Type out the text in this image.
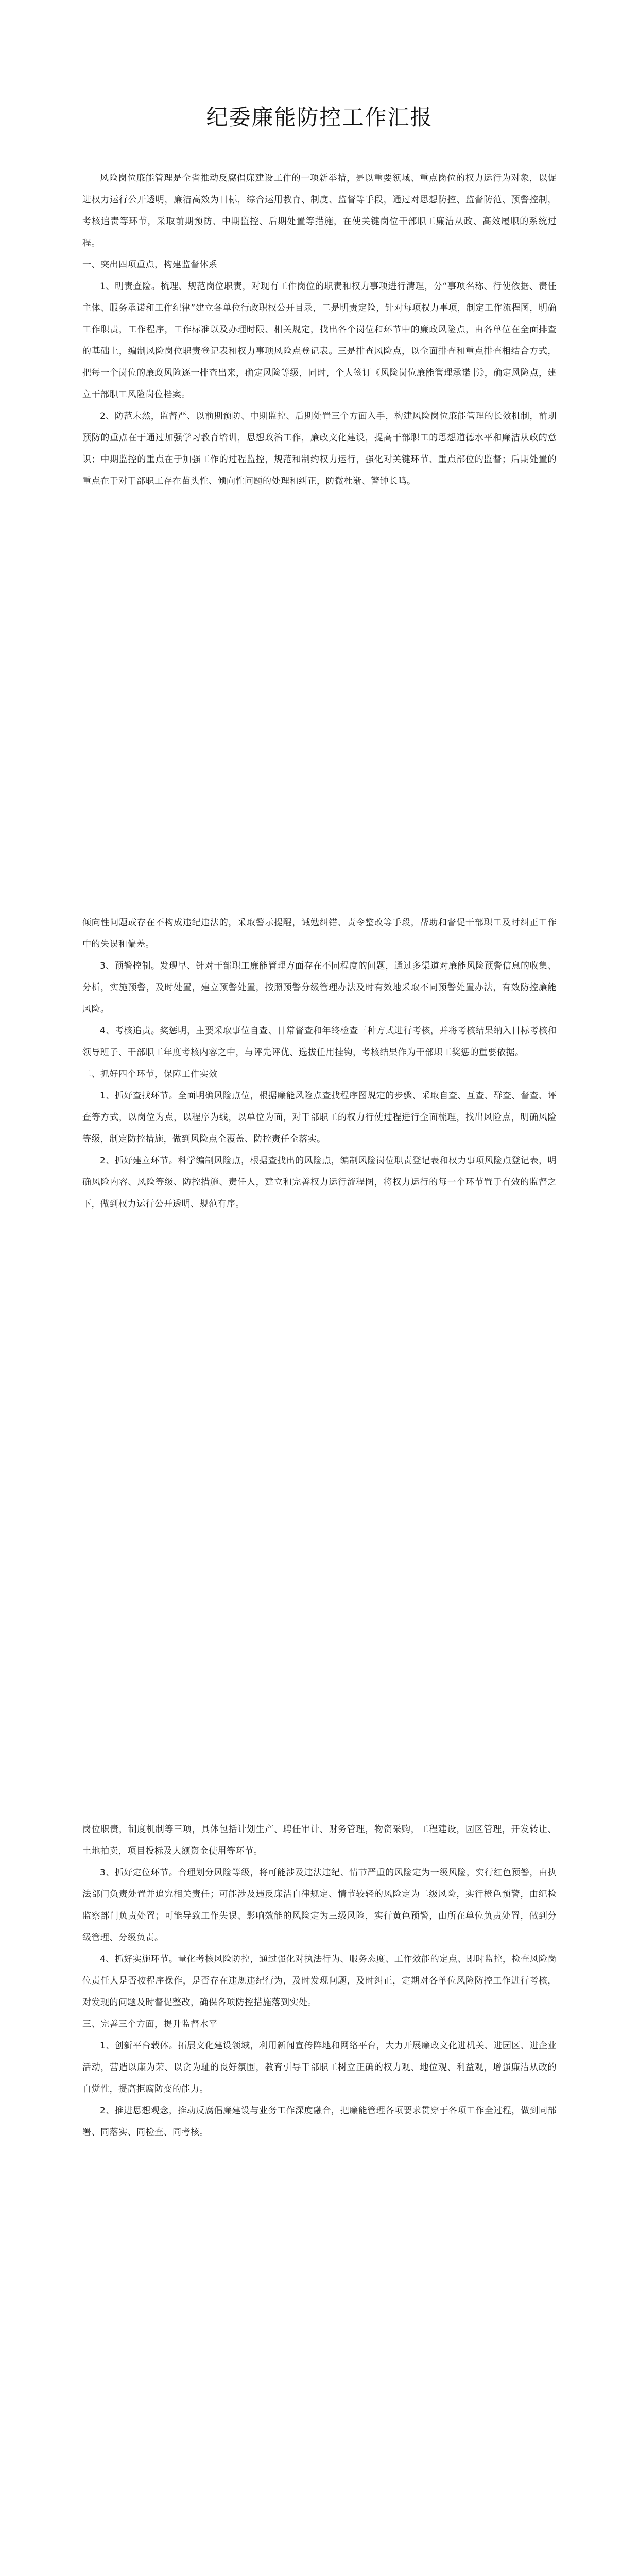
纪委廉能防控工作汇报

风险岗位廉能管理是全省推动反腐倡廉建设工作的一项新举措，是以重要领域、重点岗位的权力运行为对象，以促进权力运行公开透明，廉洁高效为目标，综合运用教育、制度、监督等手段，通过对思想防控、监督防范、预警控制，考核追责等环节，采取前期预防、中期监控、后期处置等措施，在使关键岗位干部职工廉洁从政、高效履职的系统过程。

一、突出四项重点，构建监督体系

1、明责查险。梳理、规范岗位职责，对现有工作岗位的职责和权力事项进行清理，分“事项名称、行使依据、责任主体、服务承诺和工作纪律”建立各单位行政职权公开目录，二是明责定险，针对每项权力事项，制定工作流程图，明确工作职责，工作程序，工作标准以及办理时限、相关规定，找出各个岗位和环节中的廉政风险点，由各单位在全面排查的基础上，编制风险岗位职责登记表和权力事项风险点登记表。三是排查风险点，以全面排查和重点排查相结合方式，把每一个岗位的廉政风险逐一排查出来，确定风险等级，同时，个人签订《风险岗位廉能管理承诺书》，确定风险点，建立干部职工风险岗位档案。

2、防范未然，监督严、以前期预防、中期监控、后期处置三个方面入手，构建风险岗位廉能管理的长效机制，前期预防的重点在于通过加强学习教育培训，思想政治工作，廉政文化建设，提高干部职工的思想道德水平和廉洁从政的意识；中期监控的重点在于加强工作的过程监控，规范和制约权力运行，强化对关键环节、重点部位的监督；后期处置的重点在于对干部职工存在苗头性、倾向性问题的处理和纠正，防微杜渐、警钟长鸣。

倾向性问题或存在不构成违纪违法的，采取警示提醒，诫勉纠错、责令整改等手段，帮助和督促干部职工及时纠正工作中的失误和偏差。

3、预警控制。发现早、针对干部职工廉能管理方面存在不同程度的问题，通过多渠道对廉能风险预警信息的收集、分析，实施预警，及时处置，建立预警处置，按照预警分级管理办法及时有效地采取不同预警处置办法，有效防控廉能风险。

4、考核追责。奖惩明，主要采取事位自查、日常督查和年终检查三种方式进行考核，并将考核结果纳入目标考核和领导班子、干部职工年度考核内容之中，与评先评优、选拔任用挂钩，考核结果作为干部职工奖惩的重要依据。

二、抓好四个环节，保障工作实效

1、抓好查找环节。全面明确风险点位，根据廉能风险点查找程序图规定的步骤、采取自查、互查、群查、督查、评查等方式，以岗位为点，以程序为线，以单位为面，对干部职工的权力行使过程进行全面梳理，找出风险点，明确风险等级，制定防控措施，做到风险点全覆盖、防控责任全落实。

2、抓好建立环节。科学编制风险点，根据查找出的风险点，编制风险岗位职责登记表和权力事项风险点登记表，明确风险内容、风险等级、防控措施、责任人，建立和完善权力运行流程图，将权力运行的每一个环节置于有效的监督之下，做到权力运行公开透明、规范有序。

岗位职责，制度机制等三项，具体包括计划生产、聘任审计、财务管理，物资采购，工程建设，园区管理，开发转让、土地拍卖，项目投标及大额资金使用等环节。

3、抓好定位环节。合理划分风险等级，将可能涉及违法违纪、情节严重的风险定为一级风险，实行红色预警，由执法部门负责处置并追究相关责任；可能涉及违反廉洁自律规定、情节较轻的风险定为二级风险，实行橙色预警，由纪检监察部门负责处置；可能导致工作失误、影响效能的风险定为三级风险，实行黄色预警，由所在单位负责处置，做到分级管理、分级负责。

4、抓好实施环节。量化考核风险防控，通过强化对执法行为、服务态度、工作效能的定点、即时监控，检查风险岗位责任人是否按程序操作，是否存在违规违纪行为，及时发现问题，及时纠正，定期对各单位风险防控工作进行考核，对发现的问题及时督促整改，确保各项防控措施落到实处。

三、完善三个方面，提升监督水平

1、创新平台载体。拓展文化建设领域，利用新闻宣传阵地和网络平台，大力开展廉政文化进机关、进园区、进企业活动，营造以廉为荣、以贪为耻的良好氛围，教育引导干部职工树立正确的权力观、地位观、利益观，增强廉洁从政的自觉性，提高拒腐防变的能力。

2、推进思想观念，推动反腐倡廉建设与业务工作深度融合，把廉能管理各项要求贯穿于各项工作全过程，做到同部署、同落实、同检查、同考核。
